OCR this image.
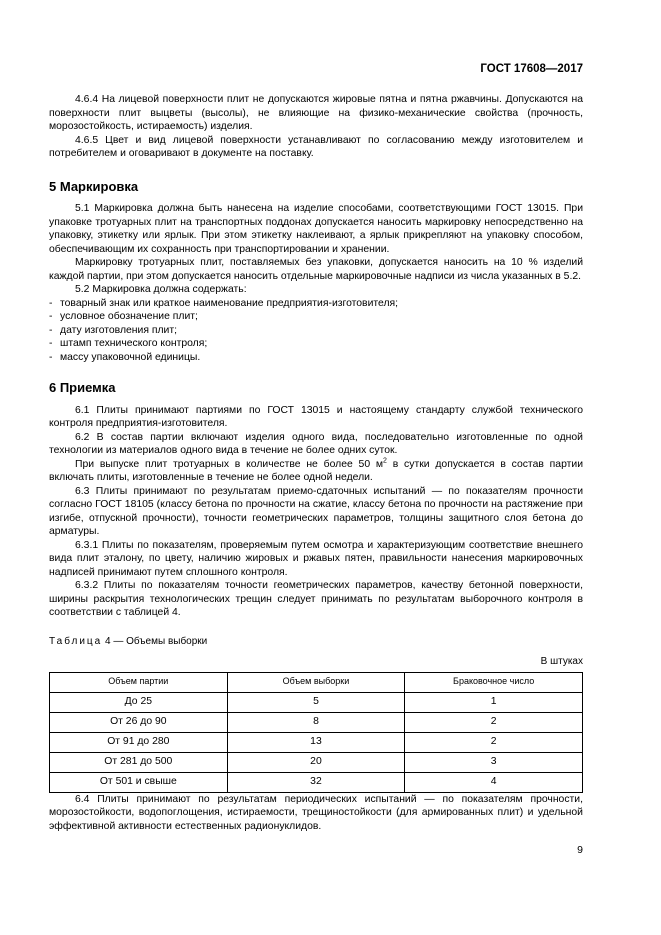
ГОСТ 17608—2017

4.6.4 На лицевой поверхности плит не допускаются жировые пятна и пятна ржавчины. Допускаются на поверхности плит выцветы (высолы), не влияющие на физико-механические свойства (прочность, морозостойкость, истираемость) изделия.

4.6.5 Цвет и вид лицевой поверхности устанавливают по согласованию между изготовителем и потребителем и оговаривают в документе на поставку.

5 Маркировка

5.1 Маркировка должна быть нанесена на изделие способами, соответствующими ГОСТ 13015. При упаковке тротуарных плит на транспортных поддонах допускается наносить маркировку непосредственно на упаковку, этикетку или ярлык. При этом этикетку наклеивают, а ярлык прикрепляют на упаковку способом, обеспечивающим их сохранность при транспортировании и хранении.

Маркировку тротуарных плит, поставляемых без упаковки, допускается наносить на 10 % изделий каждой партии, при этом допускается наносить отдельные маркировочные надписи из числа указанных в 5.2.

5.2 Маркировка должна содержать:

- товарный знак или краткое наименование предприятия-изготовителя;
- условное обозначение плит;
- дату изготовления плит;
- штамп технического контроля;
- массу упаковочной единицы.
6 Приемка

6.1 Плиты принимают партиями по ГОСТ 13015 и настоящему стандарту службой технического контроля предприятия-изготовителя.

6.2 В состав партии включают изделия одного вида, последовательно изготовленные по одной технологии из материалов одного вида в течение не более одних суток.

При выпуске плит тротуарных в количестве не более 50 $м^2$ в сутки допускается в состав партии включать плиты, изготовленные в течение не более одной недели.

6.3 Плиты принимают по результатам приемо-сдаточных испытаний — по показателям прочности согласно ГОСТ 18105 (классу бетона по прочности на сжатие, классу бетона по прочности на растяжение при изгибе, отпускной прочности), точности геометрических параметров, толщины защитного слоя бетона до арматуры.

6.3.1 Плиты по показателям, проверяемым путем осмотра и характеризующим соответствие внешнего вида плит эталону, по цвету, наличию жировых и ржавых пятен, правильности нанесения маркировочных надписей принимают путем сплошного контроля.

6.3.2 Плиты по показателям точности геометрических параметров, качеству бетонной поверхности, ширины раскрытия технологических трещин следует принимать по результатам выборочного контроля в соответствии с таблицей 4.

Таблица 4 — Объемы выборки
В штуках
Объем партии	Объем выборки	Браковочное число
До 25	5	1
От 26 до 90	8	2
От 91 до 280	13	2
От 281 до 500	20	3
От 501 и свыше	32	4

6.4 Плиты принимают по результатам периодических испытаний — по показателям прочности, морозостойкости, водопоглощения, истираемости, трещиностойкости (для армированных плит) и удельной эффективной активности естественных радионуклидов.

9
